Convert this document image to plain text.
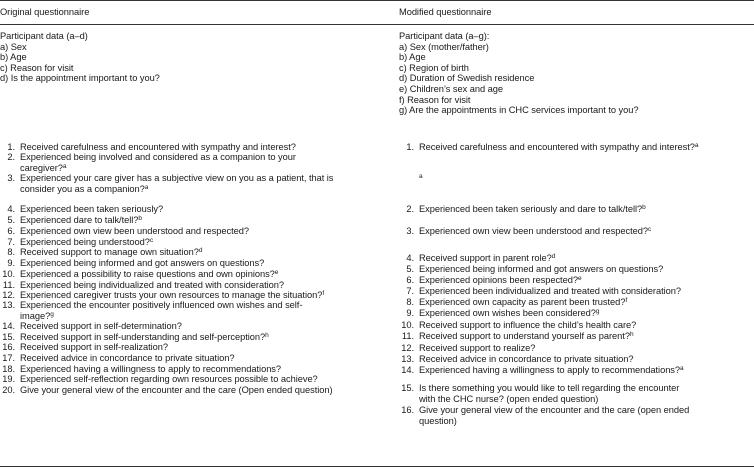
Original questionnaire	Modified questionnaire
Participant data (a–d)
a) Sex
b) Age
c) Reason for visit
d) Is the appointment important to you?
Participant data (a–g):
a) Sex (mother/father)
b) Age
c) Region of birth
d) Duration of Swedish residence
e) Children’s sex and age
f) Reason for visit
g) Are the appointments in CHC services important to you?
1. Received carefulness and encountered with sympathy and interest?
2. Experienced being involved and considered as a companion to your
caregiver?$^a$
3. Experienced your care giver has a subjective view on you as a patient, that is
consider you as a companion?$^a$
4. Experienced been taken seriously?
5. Experienced dare to talk/tell?$^b$
6. Experienced own view been understood and respected?
7. Experienced being understood?$^c$
8. Received support to manage own situation?$^d$
9. Experienced being informed and got answers on questions?
10. Experienced a possibility to raise questions and own opinions?$^e$
11. Experienced being individualized and treated with consideration?
12. Experienced caregiver trusts your own resources to manage the situation?$^f$
13. Experienced the encounter positively influenced own wishes and self-
image?$^g$
14. Received support in self-determination?
15. Received support in self-understanding and self-perception?$^h$
16. Received support in self-realization?
17. Received advice in concordance to private situation?
18. Experienced having a willingness to apply to recommendations?
19. Experienced self-reflection regarding own resources possible to achieve?
20. Give your general view of the encounter and the care (Open ended question)
1. Received carefulness and encountered with sympathy and interest?$^a$
$^a$
2. Experienced been taken seriously and dare to talk/tell?$^b$
3. Experienced own view been understood and respected?$^c$
4. Received support in parent role?$^d$
5. Experienced being informed and got answers on questions?
6. Experienced opinions been respected?$^e$
7. Experienced been individualized and treated with consideration?
8. Experienced own capacity as parent been trusted?$^f$
9. Experienced own wishes been considered?$^g$
10. Received support to influence the child’s health care?
11. Received support to understand yourself as parent?$^h$
12. Received support to realize?
13. Received advice in concordance to private situation?
14. Experienced having a willingness to apply to recommendations?$^a$
15. Is there something you would like to tell regarding the encounter
with the CHC nurse? (open ended question)
16. Give your general view of the encounter and the care (open ended
question)
